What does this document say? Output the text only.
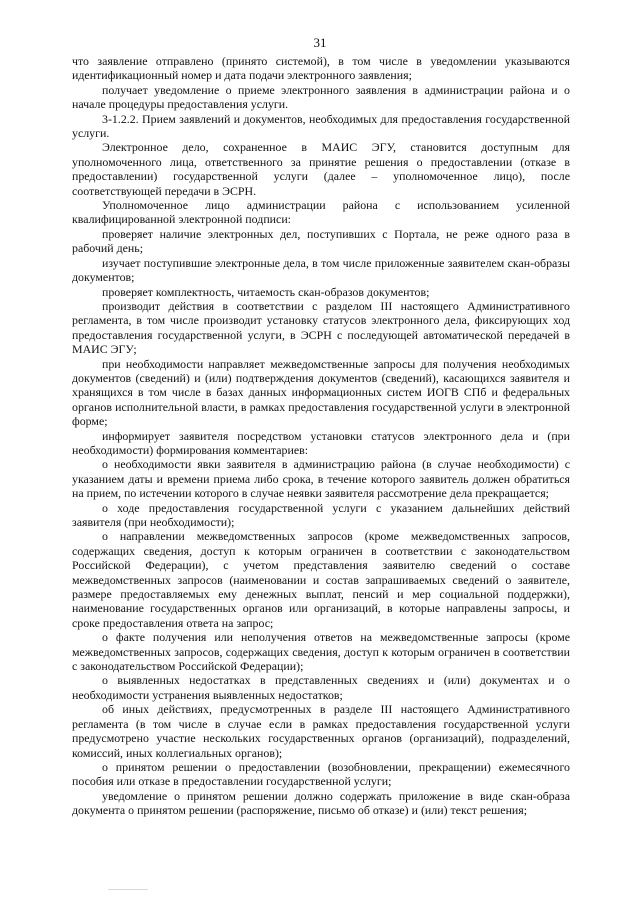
31

что заявление отправлено (принято системой), в том числе в уведомлении указываются идентификационный номер и дата подачи электронного заявления;

получает уведомление о приеме электронного заявления в администрации района и о начале процедуры предоставления услуги.

3-1.2.2. Прием заявлений и документов, необходимых для предоставления государственной услуги.

Электронное дело, сохраненное в МАИС ЭГУ, становится доступным для уполномоченного лица, ответственного за принятие решения о предоставлении (отказе в предоставлении) государственной услуги (далее – уполномоченное лицо), после соответствующей передачи в ЭСРН.

Уполномоченное лицо администрации района с использованием усиленной квалифицированной электронной подписи:

проверяет наличие электронных дел, поступивших с Портала, не реже одного раза в рабочий день;

изучает поступившие электронные дела, в том числе приложенные заявителем скан-образы документов;

проверяет комплектность, читаемость скан-образов документов;

производит действия в соответствии с разделом III настоящего Административного регламента, в том числе производит установку статусов электронного дела, фиксирующих ход предоставления государственной услуги, в ЭСРН с последующей автоматической передачей в МАИС ЭГУ;

при необходимости направляет межведомственные запросы для получения необходимых документов (сведений) и (или) подтверждения документов (сведений), касающихся заявителя и хранящихся в том числе в базах данных информационных систем ИОГВ СПб и федеральных органов исполнительной власти, в рамках предоставления государственной услуги в электронной форме;

информирует заявителя посредством установки статусов электронного дела и (при необходимости) формирования комментариев:

о необходимости явки заявителя в администрацию района (в случае необходимости) с указанием даты и времени приема либо срока, в течение которого заявитель должен обратиться на прием, по истечении которого в случае неявки заявителя рассмотрение дела прекращается;

о ходе предоставления государственной услуги с указанием дальнейших действий заявителя (при необходимости);

о направлении межведомственных запросов (кроме межведомственных запросов, содержащих сведения, доступ к которым ограничен в соответствии с законодательством Российской Федерации), с учетом представления заявителю сведений о составе межведомственных запросов (наименовании и состав запрашиваемых сведений о заявителе, размере предоставляемых ему денежных выплат, пенсий и мер социальной поддержки), наименование государственных органов или организаций, в которые направлены запросы, и сроке предоставления ответа на запрос;

о факте получения или неполучения ответов на межведомственные запросы (кроме межведомственных запросов, содержащих сведения, доступ к которым ограничен в соответствии с законодательством Российской Федерации);

о выявленных недостатках в представленных сведениях и (или) документах и о необходимости устранения выявленных недостатков;

об иных действиях, предусмотренных в разделе III настоящего Административного регламента (в том числе в случае если в рамках предоставления государственной услуги предусмотрено участие нескольких государственных органов (организаций), подразделений, комиссий, иных коллегиальных органов);

о принятом решении о предоставлении (возобновлении, прекращении) ежемесячного пособия или отказе в предоставлении государственной услуги;

уведомление о принятом решении должно содержать приложение в виде скан-образа документа о принятом решении (распоряжение, письмо об отказе) и (или) текст решения;
